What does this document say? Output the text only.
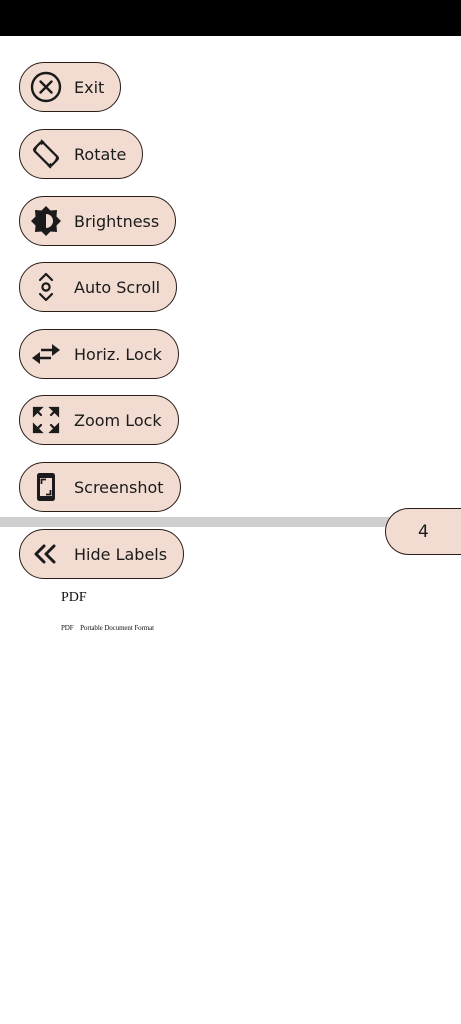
Exit
Rotate
Brightness
Auto Scroll
Horiz. Lock
Zoom Lock
Screenshot
4
Hide Labels
PDF
PDF    Portable Document Format
